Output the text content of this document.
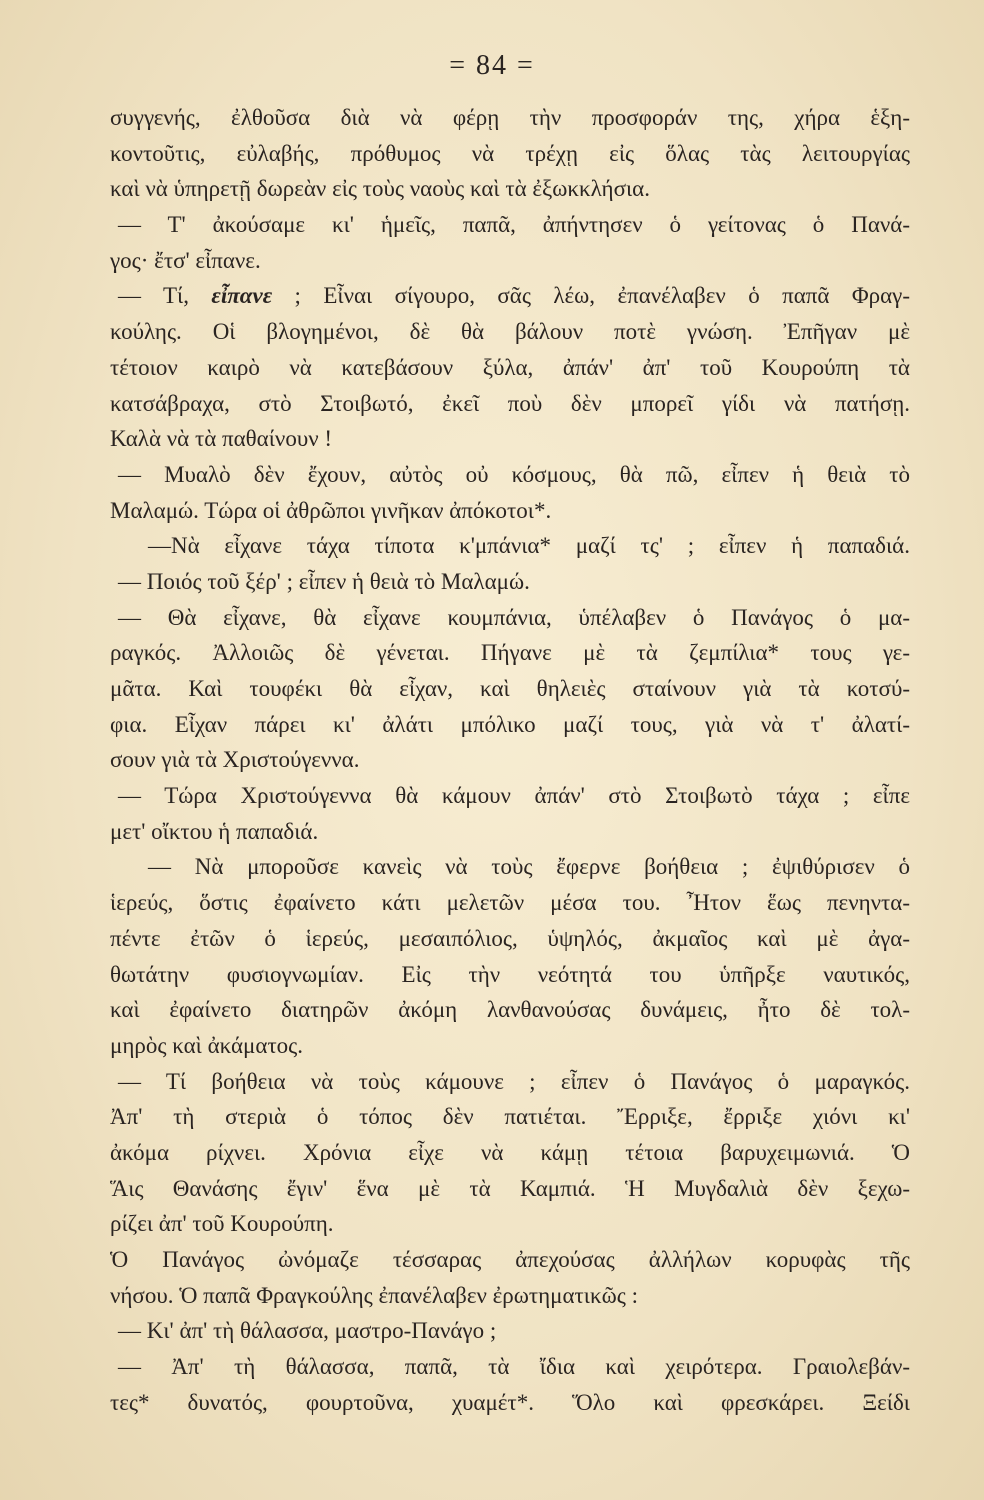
= 84 =
συγγενής, ἐλθοῦσα διὰ νὰ φέρῃ τὴν προσφοράν της, χήρα ἑξη-
κοντοῦτις, εὐλαβής, πρόθυμος νὰ τρέχῃ εἰς ὅλας τὰς λειτουργίας
καὶ νὰ ὑπηρετῇ δωρεὰν εἰς τοὺς ναοὺς καὶ τὰ ἐξωκκλήσια.
— Τ' ἀκούσαμε κι' ἡμεῖς, παπᾶ, ἀπήντησεν ὁ γείτονας ὁ Πανά-
γος· ἔτσ' εἶπανε.
— Τί, εἶπανε ; Εἶναι σίγουρο, σᾶς λέω, ἐπανέλαβεν ὁ παπᾶ Φραγ-
κούλης. Οἱ βλογημένοι, δὲ θὰ βάλουν ποτὲ γνώση. Ἐπῆγαν μὲ
τέτοιον καιρὸ νὰ κατεβάσουν ξύλα, ἀπάν' ἀπ' τοῦ Κουρούπη τὰ
κατσάβραχα, στὸ Στοιβωτό, ἐκεῖ ποὺ δὲν μπορεῖ γίδι νὰ πατήσῃ.
Καλὰ νὰ τὰ παθαίνουν !
— Μυαλὸ δὲν ἔχουν, αὐτὸς οὐ κόσμους, θὰ πῶ, εἶπεν ἡ θειὰ τὸ
Μαλαμώ. Τώρα οἱ ἀθρῶποι γινῆκαν ἀπόκοτοι*.
—Νὰ εἶχανε τάχα τίποτα κ'μπάνια* μαζί τς' ; εἶπεν ἡ παπαδιά.
— Ποιός τοῦ ξέρ' ; εἶπεν ἡ θειὰ τὸ Μαλαμώ.
— Θὰ εἶχανε, θὰ εἶχανε κουμπάνια, ὑπέλαβεν ὁ Πανάγος ὁ μα-
ραγκός. Ἀλλοιῶς δὲ γένεται. Πήγανε μὲ τὰ ζεμπίλια* τους γε-
μᾶτα. Καὶ τουφέκι θὰ εἶχαν, καὶ θηλειὲς σταίνουν γιὰ τὰ κοτσύ-
φια. Εἶχαν πάρει κι' ἀλάτι μπόλικο μαζί τους, γιὰ νὰ τ' ἀλατί-
σουν γιὰ τὰ Χριστούγεννα.
— Τώρα Χριστούγεννα θὰ κάμουν ἀπάν' στὸ Στοιβωτὸ τάχα ; εἶπε
μετ' οἴκτου ἡ παπαδιά.
— Νὰ μποροῦσε κανεὶς νὰ τοὺς ἔφερνε βοήθεια ; ἐψιθύρισεν ὁ
ἱερεύς, ὅστις ἐφαίνετο κάτι μελετῶν μέσα του. Ἦτον ἕως πενηντα-
πέντε ἐτῶν ὁ ἱερεύς, μεσαιπόλιος, ὑψηλός, ἀκμαῖος καὶ μὲ ἀγα-
θωτάτην φυσιογνωμίαν. Εἰς τὴν νεότητά του ὑπῆρξε ναυτικός,
καὶ ἐφαίνετο διατηρῶν ἀκόμη λανθανούσας δυνάμεις, ἦτο δὲ τολ-
μηρὸς καὶ ἀκάματος.
— Τί βοήθεια νὰ τοὺς κάμουνε ; εἶπεν ὁ Πανάγος ὁ μαραγκός.
Ἀπ' τὴ στεριὰ ὁ τόπος δὲν πατιέται. Ἔρριξε, ἔρριξε χιόνι κι'
ἀκόμα ρίχνει. Χρόνια εἶχε νὰ κάμῃ τέτοια βαρυχειμωνιά. Ὁ
Ἅις Θανάσης ἔγιν' ἕνα μὲ τὰ Καμπιά. Ἡ Μυγδαλιὰ δὲν ξεχω-
ρίζει ἀπ' τοῦ Κουρούπη.
Ὁ Πανάγος ὠνόμαζε τέσσαρας ἀπεχούσας ἀλλήλων κορυφὰς τῆς
νήσου. Ὁ παπᾶ Φραγκούλης ἐπανέλαβεν ἐρωτηματικῶς :
— Κι' ἀπ' τὴ θάλασσα, μαστρο-Πανάγο ;
— Ἀπ' τὴ θάλασσα, παπᾶ, τὰ ἴδια καὶ χειρότερα. Γραιολεβάν-
τες* δυνατός, φουρτοῦνα, χυαμέτ*. Ὅλο καὶ φρεσκάρει. Ξείδι
